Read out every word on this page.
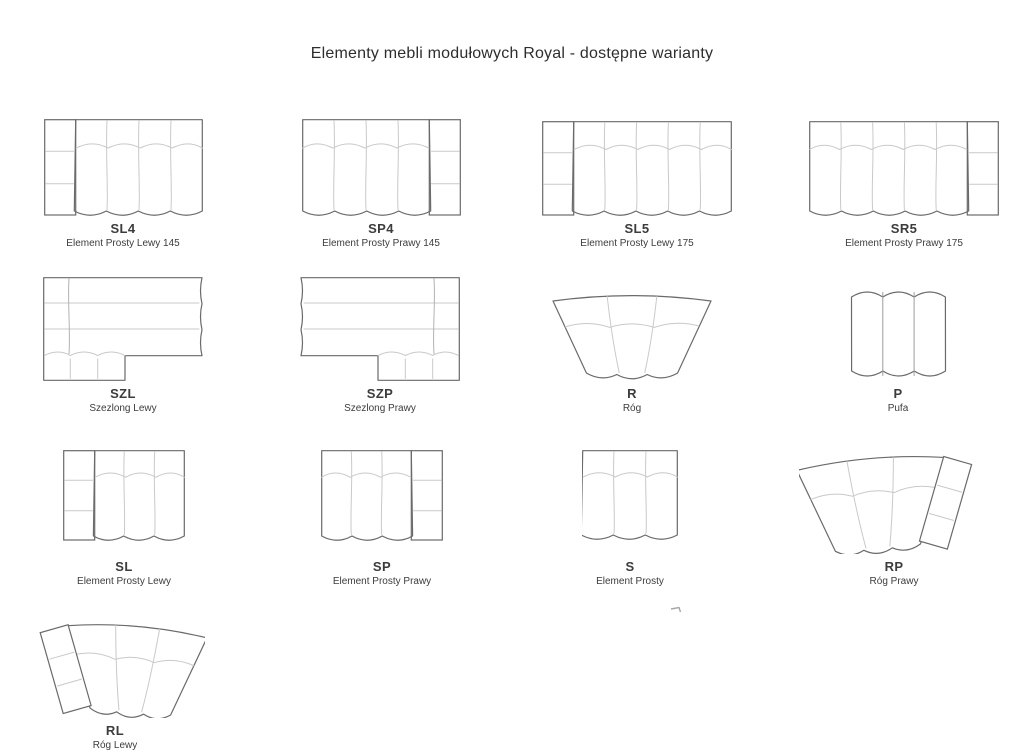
Elementy mebli modułowych Royal - dostępne warianty
SL4
Element Prosty Lewy 145
SP4
Element Prosty Prawy 145
SL5
Element Prosty Lewy 175
SR5
Element Prosty Prawy 175
SZL
Szezlong Lewy
SZP
Szezlong Prawy
R
Róg
P
Pufa
SL
Element Prosty Lewy
SP
Element Prosty Prawy
S
Element Prosty
RP
Róg Prawy
RL
Róg Lewy
